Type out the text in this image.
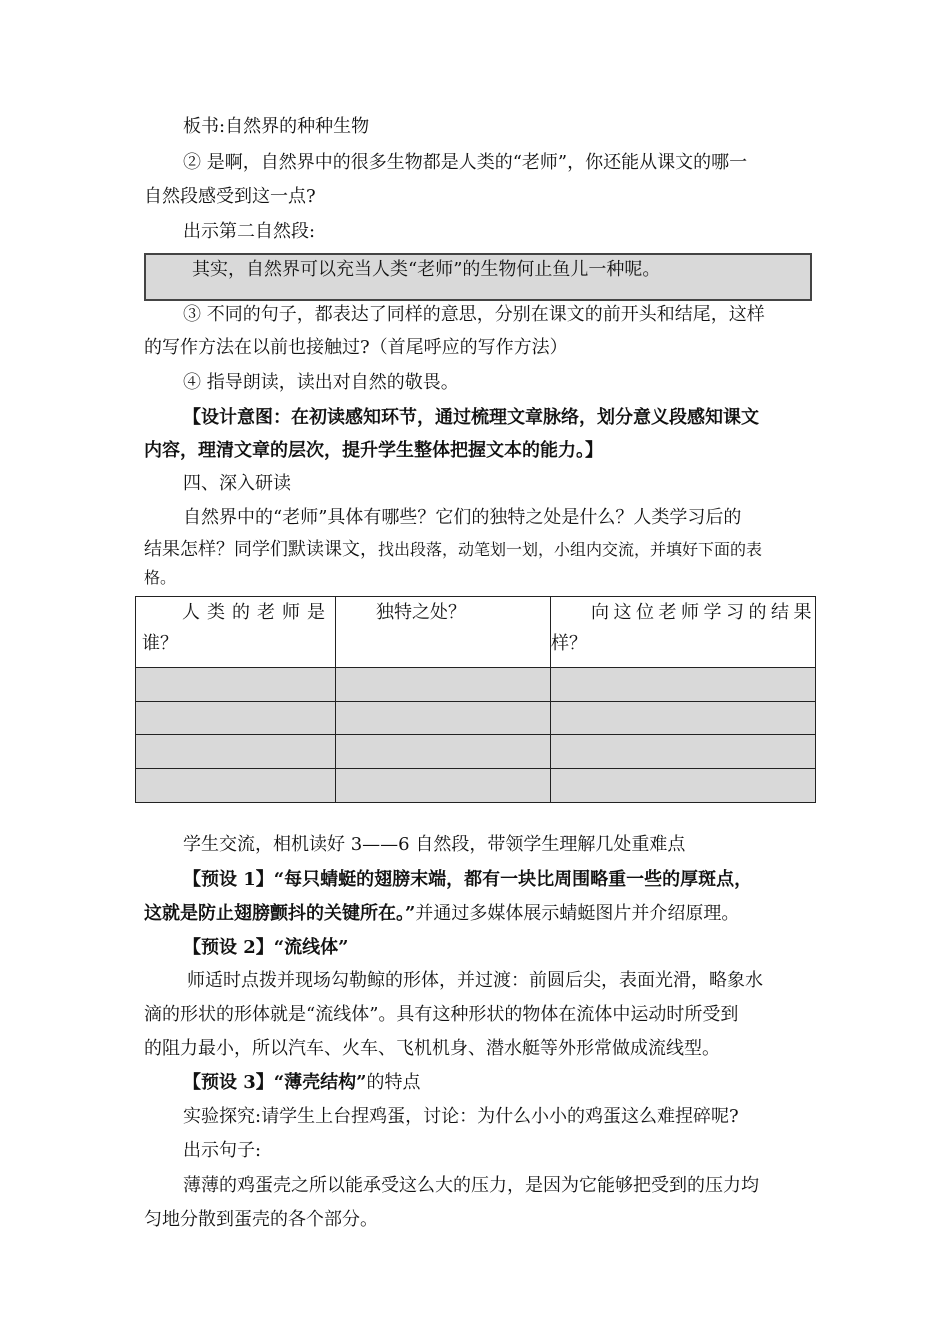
板书:自然界的种种生物
② 是啊，自然界中的很多生物都是人类的“老师”，你还能从课文的哪一
自然段感受到这一点?
出示第二自然段:
其实，自然界可以充当人类“老师”的生物何止鱼儿一种呢。
③ 不同的句子，都表达了同样的意思，分别在课文的前开头和结尾，这样
的写作方法在以前也接触过?（首尾呼应的写作方法）
④ 指导朗读，读出对自然的敬畏。
【设计意图：在初读感知环节，通过梳理文章脉络，划分意义段感知课文
内容，理清文章的层次，提升学生整体把握文本的能力。】
四、深入研读
自然界中的“老师”具体有哪些？它们的独特之处是什么？人类学习后的
结果怎样？同学们默读课文，找出段落，动笔划一划，小组内交流，并填好下面的表
格。
人类的老师是
谁？	独特之处？	向这位老师学习的结果
样？

学生交流，相机读好 3——6 自然段，带领学生理解几处重难点
【预设 1】“每只蜻蜓的翅膀末端，都有一块比周围略重一些的厚斑点，
这就是防止翅膀颤抖的关键所在。”并通过多媒体展示蜻蜓图片并介绍原理。
【预设 2】“流线体”
师适时点拨并现场勾勒鲸的形体，并过渡：前圆后尖，表面光滑，略象水
滴的形状的形体就是“流线体”。具有这种形状的物体在流体中运动时所受到
的阻力最小，所以汽车、火车、飞机机身、潜水艇等外形常做成流线型。
【预设 3】“薄壳结构”的特点
实验探究:请学生上台捏鸡蛋，讨论：为什么小小的鸡蛋这么难捏碎呢?
出示句子:
薄薄的鸡蛋壳之所以能承受这么大的压力，是因为它能够把受到的压力均
匀地分散到蛋壳的各个部分。
